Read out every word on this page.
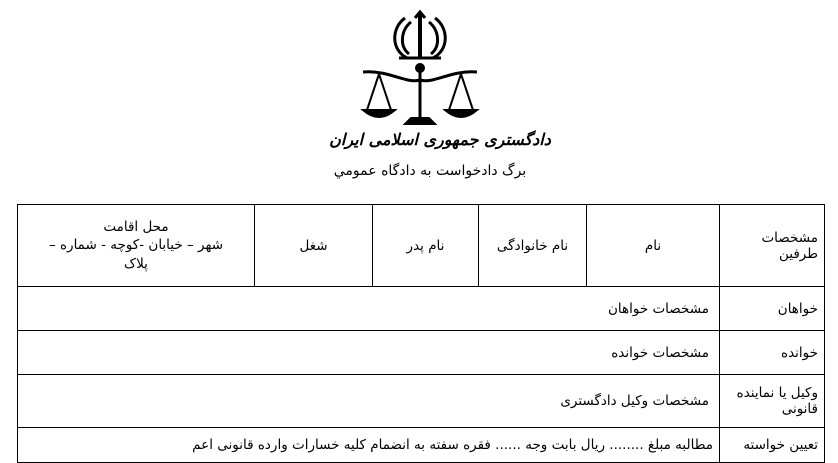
دادگستری جمهوری اسلامی ایران
برگ دادخواست به دادگاه عمومي
مشخصات طرفین	نام	نام خانوادگی	نام پدر	شغل	محل اقامت
شهر – خیابان -کوچه - شماره –
پلاک

خواهان	مشخصات خواهان				
خوانده	مشخصات خوانده				
وکیل یا نمایندە قانونی	مشخصات وکیل دادگستری				
تعیین خواسته	مطالبه مبلغ ........ ریال بابت وجه ...... فقره سفته به انضمام کلیه خسارات وارده قانونی اعم				
